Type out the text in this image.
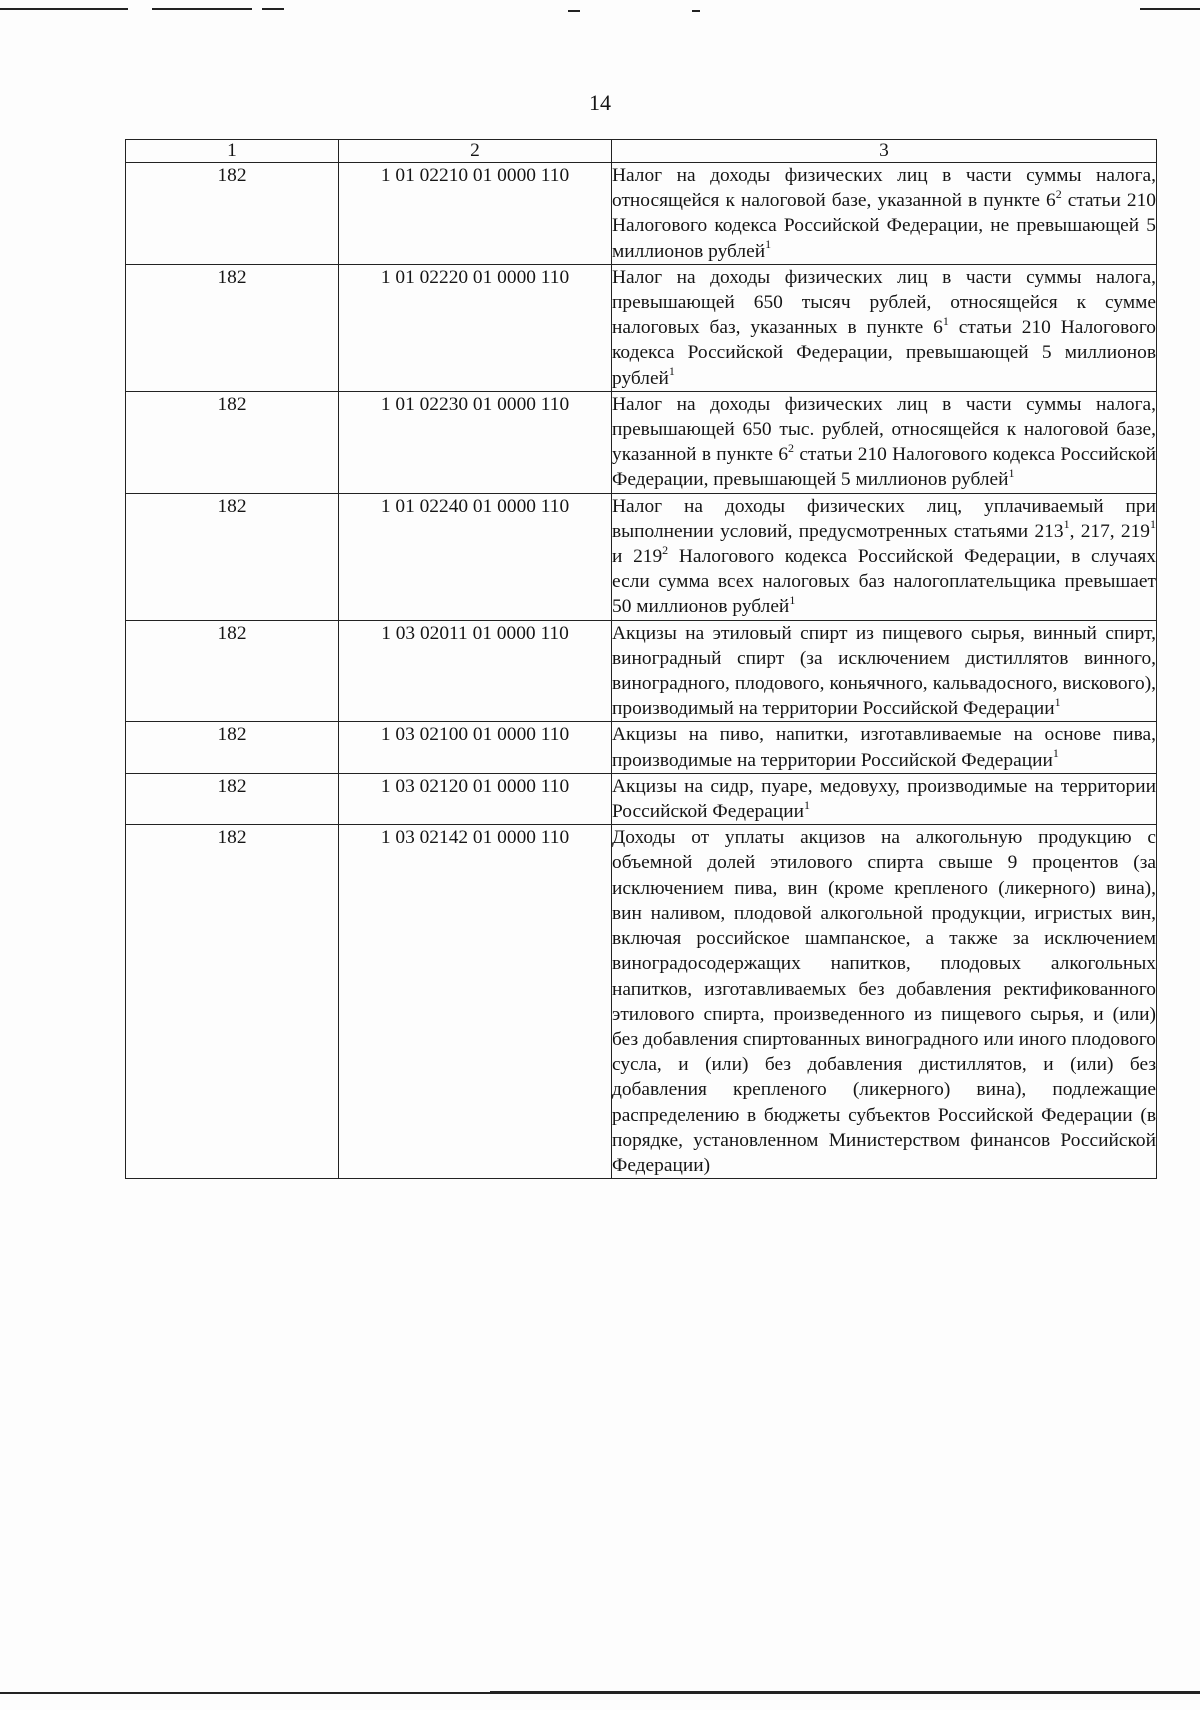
14
1	2	3
182	1 01 02210 01 0000 110	Налог на доходы физических лиц в части суммы налога, относящейся к налоговой базе, указанной в пункте $6^2$ статьи 210 Налогового кодекса Российской Федерации, не превышающей 5 миллионов рублей$^1$
182	1 01 02220 01 0000 110	Налог на доходы физических лиц в части суммы налога, превышающей 650 тысяч рублей, относящейся к сумме налоговых баз, указанных в пункте $6^1$ статьи 210 Налогового кодекса Российской Федерации, превышающей 5 миллионов рублей$^1$
182	1 01 02230 01 0000 110	Налог на доходы физических лиц в части суммы налога, превышающей 650 тыс. рублей, относящейся к налоговой базе, указанной в пункте $6^2$ статьи 210 Налогового кодекса Российской Федерации, превышающей 5 миллионов рублей$^1$
182	1 01 02240 01 0000 110	Налог на доходы физических лиц, уплачиваемый при выполнении условий, предусмотренных статьями $213^1$, 217, $219^1$ и $219^2$ Налогового кодекса Российской Федерации, в случаях если сумма всех налоговых баз налогоплательщика превышает 50 миллионов рублей$^1$
182	1 03 02011 01 0000 110	Акцизы на этиловый спирт из пищевого сырья, винный спирт, виноградный спирт (за исключением дистиллятов винного, виноградного, плодового, коньячного, кальвадосного, вискового), производимый на территории Российской Федерации$^1$
182	1 03 02100 01 0000 110	Акцизы на пиво, напитки, изготавливаемые на основе пива, производимые на территории Российской Федерации$^1$
182	1 03 02120 01 0000 110	Акцизы на сидр, пуаре, медовуху, производимые на территории Российской Федерации$^1$
182	1 03 02142 01 0000 110	Доходы от уплаты акцизов на алкогольную продукцию с объемной долей этилового спирта свыше 9 процентов (за исключением пива, вин (кроме крепленого (ликерного) вина), вин наливом, плодовой алкогольной продукции, игристых вин, включая российское шампанское, а также за исключением виноградосодержащих напитков, плодовых алкогольных напитков, изготавливаемых без добавления ректификованного этилового спирта, произведенного из пищевого сырья, и (или) без добавления спиртованных виноградного или иного плодового сусла, и (или) без добавления дистиллятов, и (или) без добавления крепленого (ликерного) вина), подлежащие распределению в бюджеты субъектов Российской Федерации (в порядке, установленном Министерством финансов Российской Федерации)
